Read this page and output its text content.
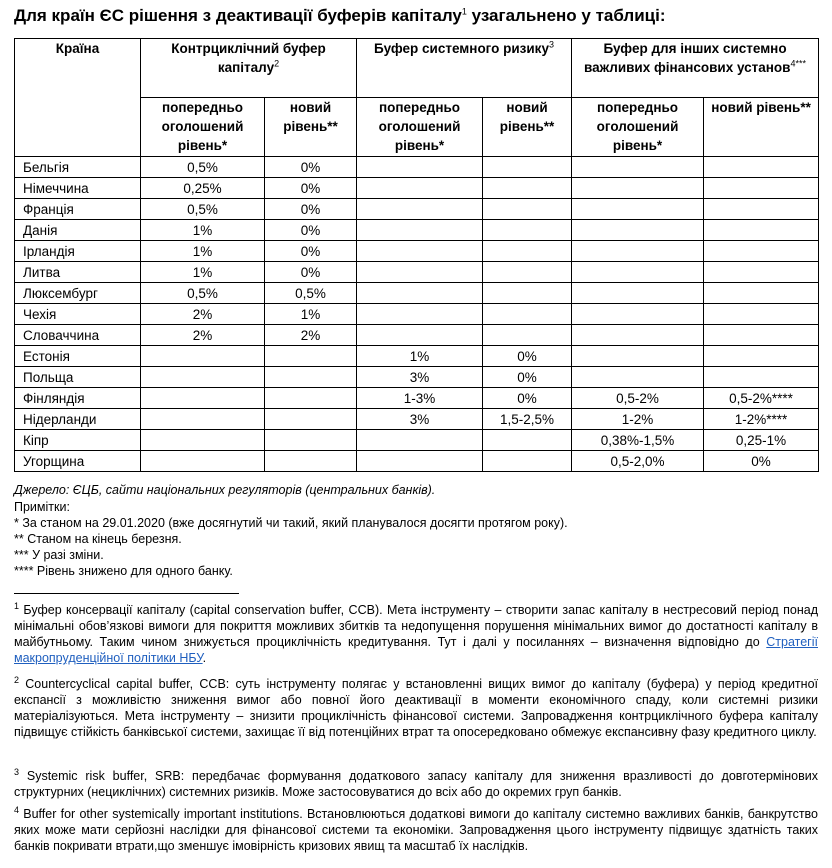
Для країн ЄС рішення з деактивації буферів капіталу$^1$ узагальнено у таблиці:
Країна	Контрциклічний буфер капіталу$^2$		Буфер системного ризику$^3$		Буфер для інших системно важливих фінансових установ$^{4***}$
	попередньо оголошений рівень*	новий рівень**	попередньо оголошений рівень*	новий рівень**	попередньо оголошений рівень*	новий рівень**
Бельгія	0,5%	0%				
Німеччина	0,25%	0%				
Франція	0,5%	0%				
Данія	1%	0%				
Ірландія	1%	0%				
Литва	1%	0%				
Люксембург	0,5%	0,5%				
Чехія	2%	1%				
Словаччина	2%	2%				
Естонія			1%	0%		
Польща			3%	0%		
Фінляндія			1-3%	0%	0,5-2%	0,5-2%****
Нідерланди			3%	1,5-2,5%	1-2%	1-2%****
Кіпр					0,38%-1,5%	0,25-1%
Угорщина					0,5-2,0%	0%
Джерело: ЄЦБ, сайти національних регуляторів (центральних банків).
Примітки:
* За станом на 29.01.2020 (вже досягнутий чи такий, який планувалося досягти протягом року).
** Станом на кінець березня.
*** У разі зміни.
**** Рівень знижено для одного банку.
$^1$ Буфер консервації капіталу (capital conservation buffer, CCB). Мета інструменту – створити запас капіталу в нестресовий період понад мінімальні обов’язкові вимоги для покриття можливих збитків та недопущення порушення мінімальних вимог до достатності капіталу в майбутньому. Таким чином знижується проциклічність кредитування. Тут і далі у посиланнях – визначення відповідно до Стратегії макропруденційної політики НБУ.
$^2$ Countercyclical capital buffer, CCB: суть інструменту полягає у встановленні вищих вимог до капіталу (буфера) у період кредитної експансії з можливістю зниження вимог або повної його деактивації в моменти економічного спаду, коли системні ризики матеріалізуються. Мета інструменту – знизити проциклічність фінансової системи. Запровадження контрциклічного буфера капіталу підвищує стійкість банківської системи, захищає її від потенційних втрат та опосередковано обмежує експансивну фазу кредитного циклу.
$^3$ Systemic risk buffer, SRB: передбачає формування додаткового запасу капіталу для зниження вразливості до довготермінових структурних (нециклічних) системних ризиків. Може застосовуватися до всіх або до окремих груп банків.
$^4$ Buffer for other systemically important institutions. Встановлюються додаткові вимоги до капіталу системно важливих банків, банкрутство яких може мати серйозні наслідки для фінансової системи та економіки. Запровадження цього інструменту підвищує здатність таких банків покривати втрати,що зменшує імовірність кризових явищ та масштаб їх наслідків.
